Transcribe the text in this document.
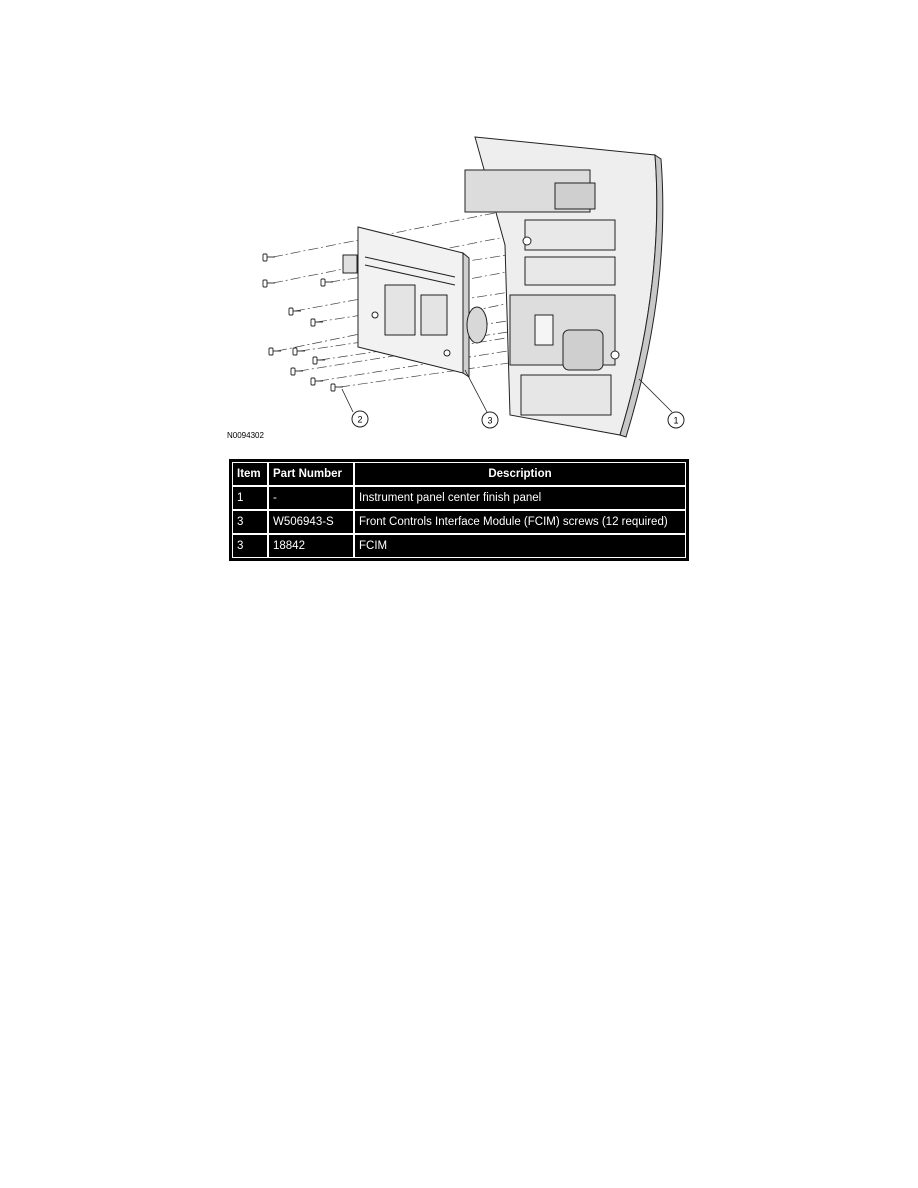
2	3	1
N0094302
Item	Part Number	Description
1	-	Instrument panel center finish panel
3	W506943-S	Front Controls Interface Module (FCIM) screws (12 required)
3	18842	FCIM
